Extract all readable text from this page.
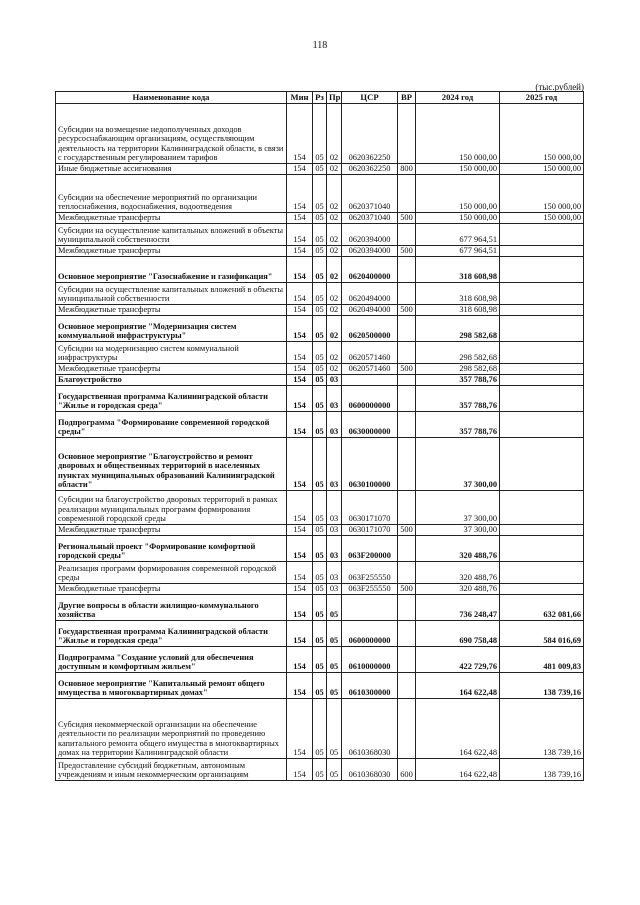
118
(тыс.рублей)
Наименование кода	Мин	Рз	Пр	ЦСР	ВР	2024 год	2025 год
Субсидии на возмещение недополученных доходов ресурсоснабжающим организациям, осуществляющим деятельность на территории Калининградской области, в связи с государственным регулированием тарифов	154	05	02	0620362250		150 000,00	150 000,00
Иные бюджетные ассигнования	154	05	02	0620362250	800	150 000,00	150 000,00
Субсидии на обеспечение мероприятий по организации теплоснабжения, водоснабжения, водоотведения	154	05	02	0620371040		150 000,00	150 000,00
Межбюджетные трансферты	154	05	02	0620371040	500	150 000,00	150 000,00
Субсидии на осуществление капитальных вложений в объекты муниципальной собственности	154	05	02	0620394000		677 964,51	
Межбюджетные трансферты	154	05	02	0620394000	500	677 964,51	
Основное мероприятие "Газоснабжение и газификация"	154	05	02	0620400000		318 608,98	
Субсидии на осуществление капитальных вложений в объекты муниципальной собственности	154	05	02	0620494000		318 608,98	
Межбюджетные трансферты	154	05	02	0620494000	500	318 608,98	
Основное мероприятие "Модернизация систем коммунальной инфраструктуры"	154	05	02	0620500000		298 582,68	
Субсидии на модернизацию систем коммунальной инфраструктуры	154	05	02	0620571460		298 582,68	
Межбюджетные трансферты	154	05	02	0620571460	500	298 582,68	
Благоустройство	154	05	03			357 788,76	
Государственная программа Калининградской области "Жилье и городская среда"	154	05	03	0600000000		357 788,76	
Подпрограмма "Формирование современной городской среды"	154	05	03	0630000000		357 788,76	
Основное мероприятие "Благоустройство и ремонт дворовых и общественных территорий в населенных пунктах муниципальных образований Калининградской области"	154	05	03	0630100000		37 300,00	
Субсидии на благоустройство дворовых территорий в рамках реализации муниципальных программ формирования современной городской среды	154	05	03	0630171070		37 300,00	
Межбюджетные трансферты	154	05	03	0630171070	500	37 300,00	
Региональный проект "Формирование комфортной городской среды"	154	05	03	063F200000		320 488,76	
Реализация программ формирования современной городской среды	154	05	03	063F255550		320 488,76	
Межбюджетные трансферты	154	05	03	063F255550	500	320 488,76	
Другие вопросы в области жилищно-коммунального хозяйства	154	05	05			736 248,47	632 081,66
Государственная программа Калининградской области "Жилье и городская среда"	154	05	05	0600000000		690 758,48	584 016,69
Подпрограмма "Создание условий для обеспечения доступным и комфортным жильем"	154	05	05	0610000000		422 729,76	481 009,83
Основное мероприятие "Капитальный ремонт общего имущества в многоквартирных домах"	154	05	05	0610300000		164 622,48	138 739,16
Субсидия некоммерческой организации на обеспечение деятельности по реализации мероприятий по проведению капитального ремонта общего имущества в многоквартирных домах на территории Калининградской области	154	05	05	0610368030		164 622,48	138 739,16
Предоставление субсидий бюджетным, автономным учреждениям и иным некоммерческим организациям	154	05	05	0610368030	600	164 622,48	138 739,16
